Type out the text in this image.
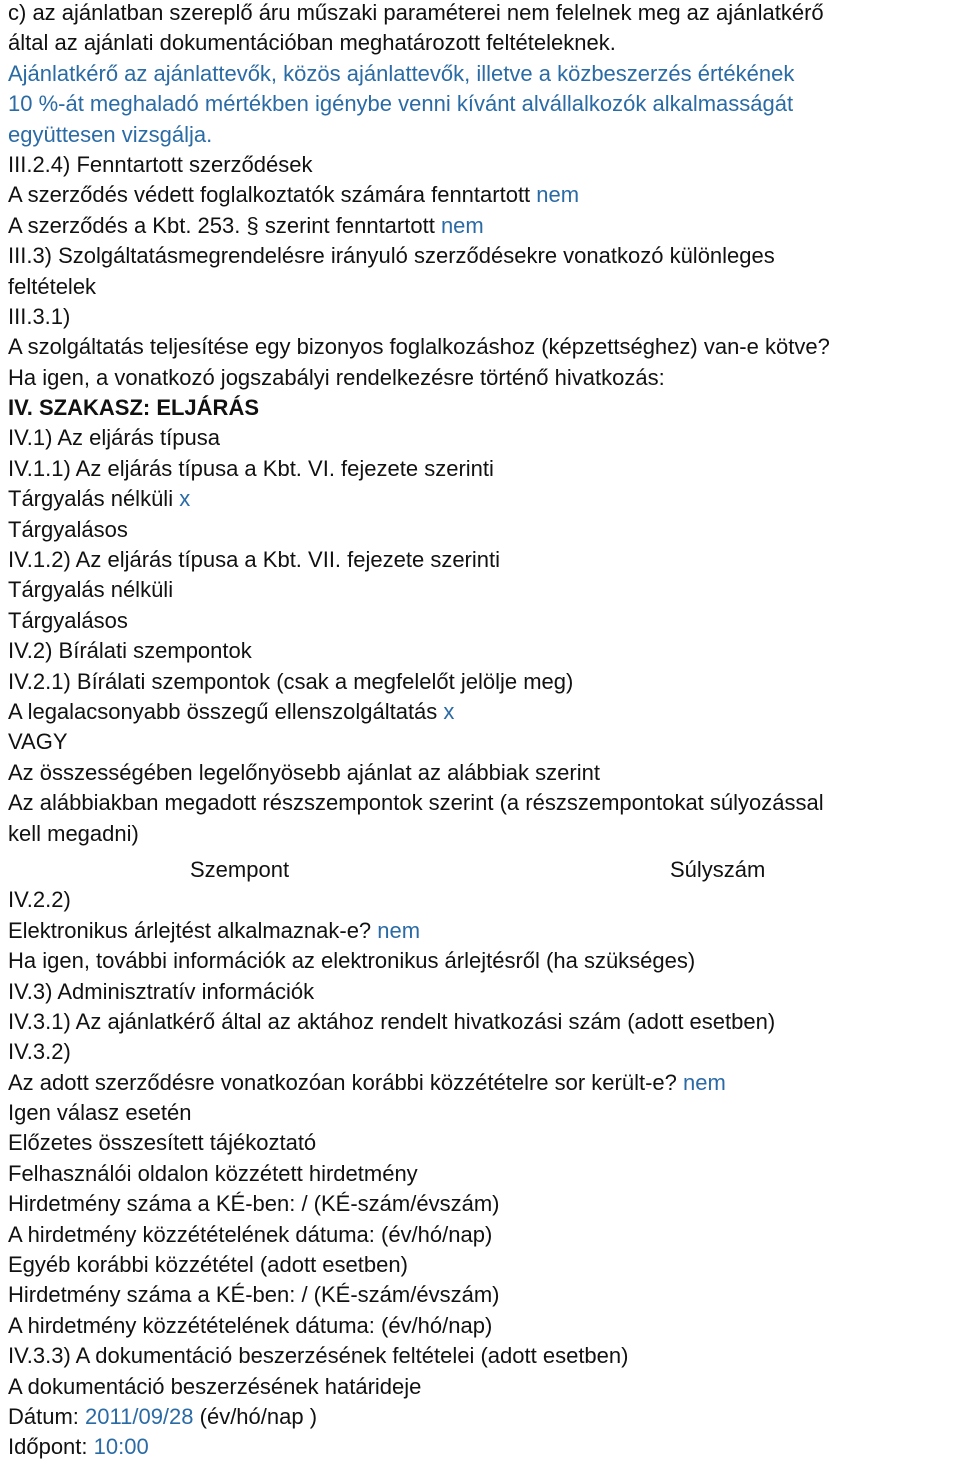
c) az ajánlatban szereplő áru műszaki paraméterei nem felelnek meg az ajánlatkérő
által az ajánlati dokumentációban meghatározott feltételeknek.
Ajánlatkérő az ajánlattevők, közös ajánlattevők, illetve a közbeszerzés értékének
10 %-át meghaladó mértékben igénybe venni kívánt alvállalkozók alkalmasságát
együttesen vizsgálja.
III.2.4) Fenntartott szerződések
A szerződés védett foglalkoztatók számára fenntartott nem
A szerződés a Kbt. 253. § szerint fenntartott nem
III.3) Szolgáltatásmegrendelésre irányuló szerződésekre vonatkozó különleges
feltételek
III.3.1)
A szolgáltatás teljesítése egy bizonyos foglalkozáshoz (képzettséghez) van-e kötve?
Ha igen, a vonatkozó jogszabályi rendelkezésre történő hivatkozás:
IV. SZAKASZ: ELJÁRÁS
IV.1) Az eljárás típusa
IV.1.1) Az eljárás típusa a Kbt. VI. fejezete szerinti
Tárgyalás nélküli x
Tárgyalásos
IV.1.2) Az eljárás típusa a Kbt. VII. fejezete szerinti
Tárgyalás nélküli
Tárgyalásos
IV.2) Bírálati szempontok
IV.2.1) Bírálati szempontok (csak a megfelelőt jelölje meg)
A legalacsonyabb összegű ellenszolgáltatás x
VAGY
Az összességében legelőnyösebb ajánlat az alábbiak szerint
Az alábbiakban megadott részszempontok szerint (a részszempontokat súlyozással
kell megadni)
Szempont	Súlyszám
IV.2.2)
Elektronikus árlejtést alkalmaznak-e? nem
Ha igen, további információk az elektronikus árlejtésről (ha szükséges)
IV.3) Adminisztratív információk
IV.3.1) Az ajánlatkérő által az aktához rendelt hivatkozási szám (adott esetben)
IV.3.2)
Az adott szerződésre vonatkozóan korábbi közzétételre sor került-e? nem
Igen válasz esetén
Előzetes összesített tájékoztató
Felhasználói oldalon közzétett hirdetmény
Hirdetmény száma a KÉ-ben: / (KÉ-szám/évszám)
A hirdetmény közzétételének dátuma: (év/hó/nap)
Egyéb korábbi közzététel (adott esetben)
Hirdetmény száma a KÉ-ben: / (KÉ-szám/évszám)
A hirdetmény közzétételének dátuma: (év/hó/nap)
IV.3.3) A dokumentáció beszerzésének feltételei (adott esetben)
A dokumentáció beszerzésének határideje
Dátum: 2011/09/28 (év/hó/nap )
Időpont: 10:00
